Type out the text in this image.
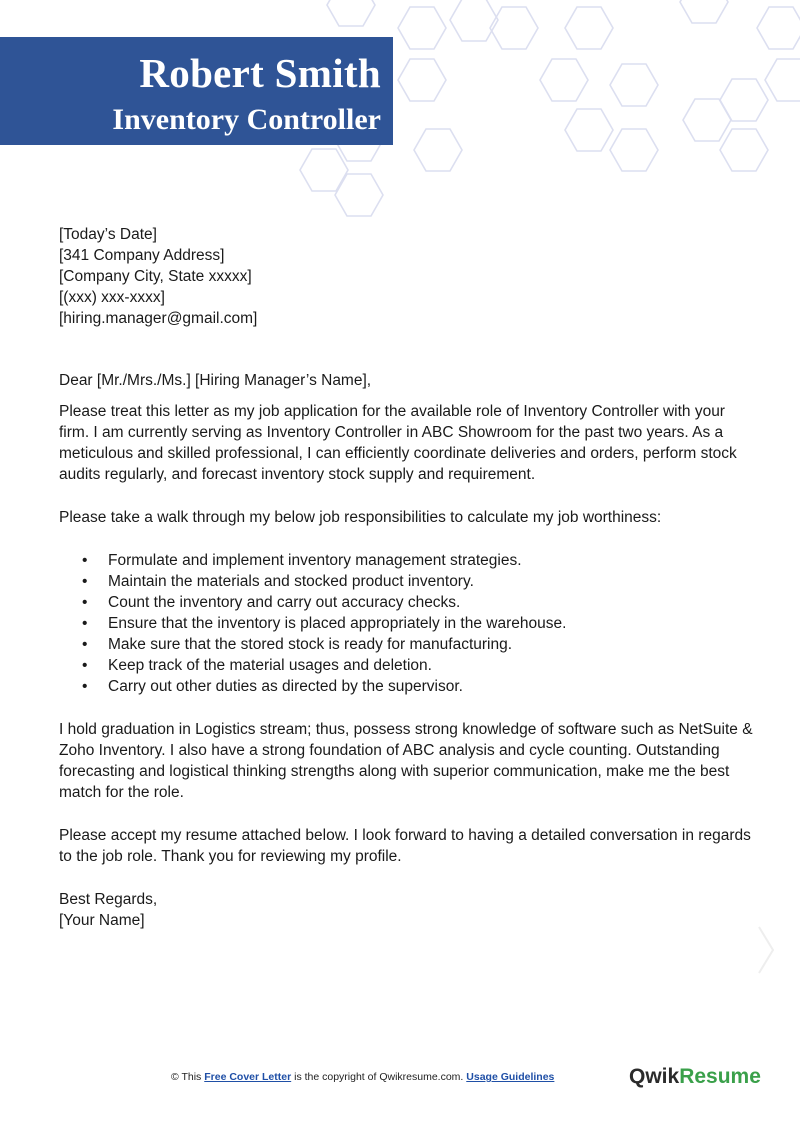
Robert Smith
Inventory Controller

[Today’s Date]

[341 Company Address]

[Company City, State xxxxx]

[(xxx) xxx-xxxx]

[hiring.manager@gmail.com]

Dear [Mr./Mrs./Ms.] [Hiring Manager’s Name],

Please treat this letter as my job application for the available role of Inventory Controller with your firm. I am currently serving as Inventory Controller in ABC Showroom for the past two years. As a meticulous and skilled professional, I can efficiently coordinate deliveries and orders, perform stock audits regularly, and forecast inventory stock supply and requirement.

Please take a walk through my below job responsibilities to calculate my job worthiness:

• Formulate and implement inventory management strategies.
• Maintain the materials and stocked product inventory.
• Count the inventory and carry out accuracy checks.
• Ensure that the inventory is placed appropriately in the warehouse.
• Make sure that the stored stock is ready for manufacturing.
• Keep track of the material usages and deletion.
• Carry out other duties as directed by the supervisor.

I hold graduation in Logistics stream; thus, possess strong knowledge of software such as NetSuite & Zoho Inventory. I also have a strong foundation of ABC analysis and cycle counting. Outstanding forecasting and logistical thinking strengths along with superior communication, make me the best match for the role.

Please accept my resume attached below. I look forward to having a detailed conversation in regards to the job role. Thank you for reviewing my profile.

Best Regards,

[Your Name]

© This Free Cover Letter is the copyright of Qwikresume.com. Usage Guidelines	QwikResume
